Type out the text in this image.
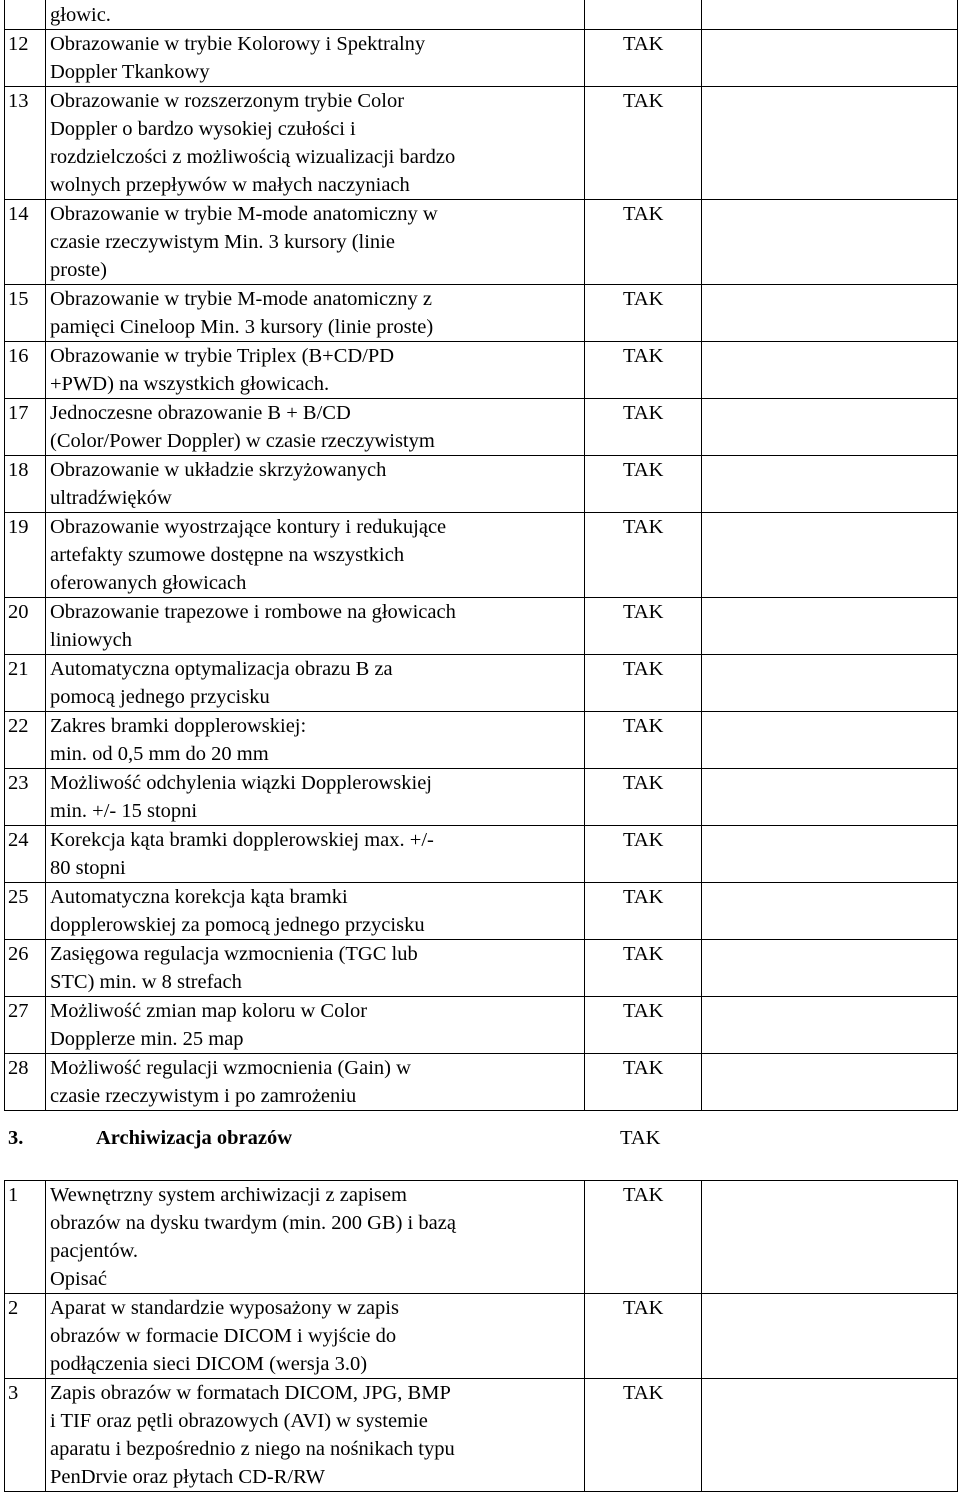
	głowic.		

12	Obrazowanie w trybie Kolorowy i Spektralny
Doppler Tkankowy	TAK	

13	Obrazowanie w rozszerzonym trybie Color
Doppler o bardzo wysokiej czułości i
rozdzielczości z możliwością wizualizacji bardzo
wolnych przepływów w małych naczyniach	TAK	

14	Obrazowanie w trybie M-mode anatomiczny w
czasie rzeczywistym Min. 3 kursory (linie
proste)	TAK	

15	Obrazowanie w trybie M-mode anatomiczny z
pamięci Cineloop Min. 3 kursory (linie proste)	TAK	

16	Obrazowanie w trybie Triplex (B+CD/PD
+PWD) na wszystkich głowicach.	TAK	

17	Jednoczesne obrazowanie B + B/CD
(Color/Power Doppler) w czasie rzeczywistym	TAK	

18	Obrazowanie w układzie skrzyżowanych
ultradźwięków	TAK	

19	Obrazowanie wyostrzające kontury i redukujące
artefakty szumowe dostępne na wszystkich
oferowanych głowicach	TAK	

20	Obrazowanie trapezowe i rombowe na głowicach
liniowych	TAK	

21	Automatyczna optymalizacja obrazu B za
pomocą jednego przycisku	TAK	

22	Zakres bramki dopplerowskiej:
min. od 0,5 mm do 20 mm	TAK	

23	Możliwość odchylenia wiązki Dopplerowskiej
min. +/- 15 stopni	TAK	

24	Korekcja kąta bramki dopplerowskiej max. +/-
80 stopni	TAK	

25	Automatyczna korekcja kąta bramki
dopplerowskiej za pomocą jednego przycisku	TAK	

26	Zasięgowa regulacja wzmocnienia (TGC lub
STC) min. w 8 strefach	TAK	

27	Możliwość zmian map koloru w Color
Dopplerze min. 25 map	TAK	

28	Możliwość regulacji wzmocnienia (Gain) w
czasie rzeczywistym i po zamrożeniu	TAK	

3.	Archiwizacja obrazów	TAK
1	Wewnętrzny system archiwizacji z zapisem
obrazów na dysku twardym (min. 200 GB) i bazą
pacjentów.
Opisać	TAK	

2	Aparat w standardzie wyposażony w zapis
obrazów w formacie DICOM i wyjście do
podłączenia sieci DICOM (wersja 3.0)	TAK	

3	Zapis obrazów w formatach DICOM, JPG, BMP
i TIF oraz pętli obrazowych (AVI) w systemie
aparatu i bezpośrednio z niego na nośnikach typu
PenDrvie oraz płytach CD-R/RW	TAK	
